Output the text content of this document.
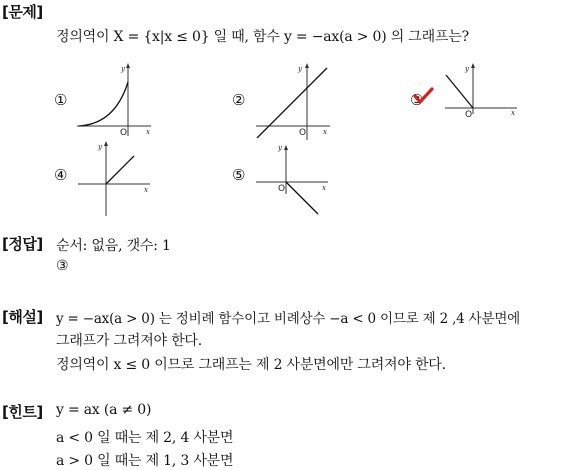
[문제]
정의역이 X = {x|x ≤ 0} 일 때, 함수 y = −ax(a > 0) 의 그래프는?
①
y
x
O
②
y
x
O
③
y
x
O
④
y
x
⑤
y
x
O
[정답] 순서: 없음, 갯수: 1
③
[해설] y = −ax(a > 0) 는 정비례 함수이고 비례상수 −a < 0 이므로 제 2 ,4 사분면에
그래프가 그려져야 한다.
정의역이 x ≤ 0 이므로 그래프는 제 2 사분면에만 그려져야 한다.
[힌트] y = ax (a ≠ 0)
a < 0 일 때는 제 2, 4 사분면
a > 0 일 때는 제 1, 3 사분면
